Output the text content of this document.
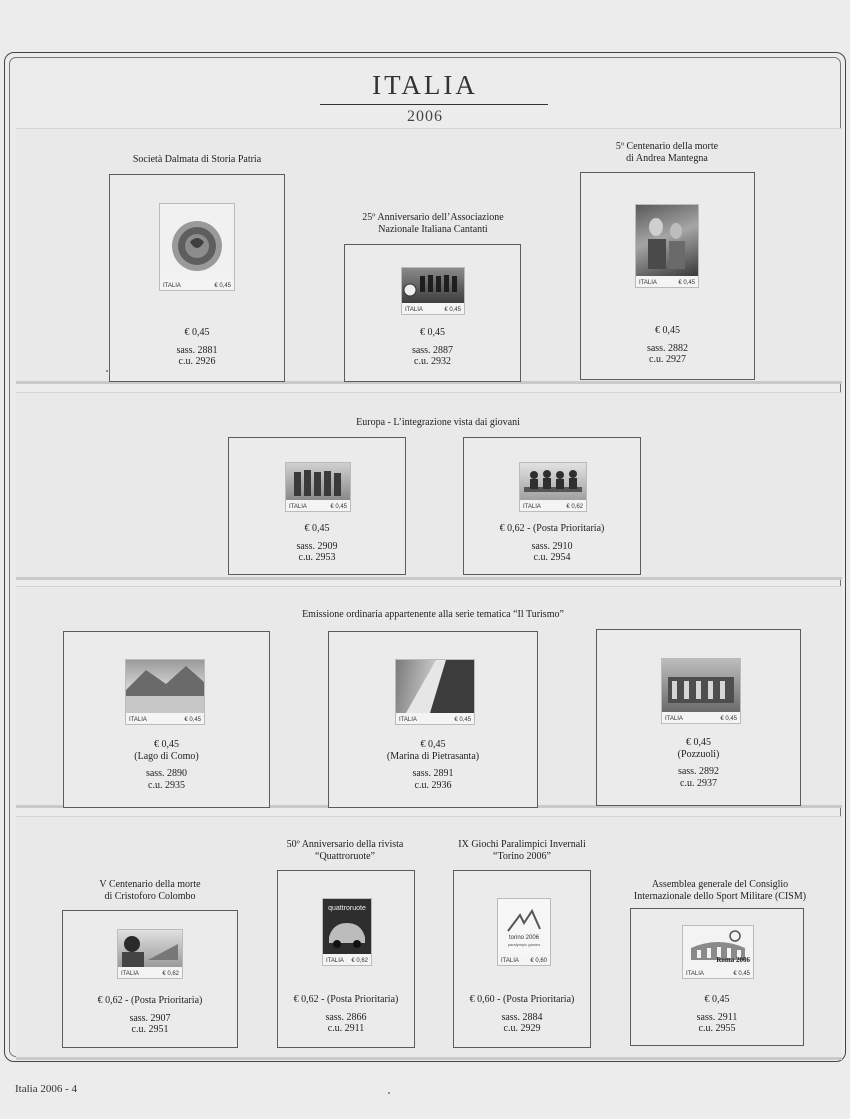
ITALIA
2006
Società Dalmata di Storia Patria
ITALIA	€ 0,45
€ 0,45
sass. 2881
c.u. 2926
25º Anniversario dell’Associazione
Nazionale Italiana Cantanti
ITALIA	€ 0,45
€ 0,45
sass. 2887
c.u. 2932
5º Centenario della morte
di Andrea Mantegna
ITALIA	€ 0,45
€ 0,45
sass. 2882
c.u. 2927
Europa - L’integrazione vista dai giovani
ITALIA	€ 0,45
€ 0,45
sass. 2909
c.u. 2953
ITALIA	€ 0,62
€ 0,62 - (Posta Prioritaria)
sass. 2910
c.u. 2954
Emissione ordinaria appartenente alla serie tematica “Il Turismo”
ITALIA	€ 0,45
€ 0,45
(Lago di Como)
sass. 2890
c.u. 2935
ITALIA	€ 0,45
€ 0,45
(Marina di Pietrasanta)
sass. 2891
c.u. 2936
ITALIA	€ 0,45
€ 0,45
(Pozzuoli)
sass. 2892
c.u. 2937
V Centenario della morte
di Cristoforo Colombo
ITALIA	€ 0,62
€ 0,62 - (Posta Prioritaria)
sass. 2907
c.u. 2951
50º Anniversario della rivista
“Quattroruote”
quattroruote
ITALIA € 0,62
€ 0,62 - (Posta Prioritaria)
sass. 2866
c.u. 2911
IX Giochi Paralimpici Invernali
“Torino 2006”
torino 2006
paralympic games
ITALIA € 0,60
€ 0,60 - (Posta Prioritaria)
sass. 2884
c.u. 2929
Assemblea generale del Consiglio
Internazionale dello Sport Militare (CISM)
Roma 2006
ITALIA	€ 0,45
€ 0,45
sass. 2911
c.u. 2955
Italia 2006 - 4
